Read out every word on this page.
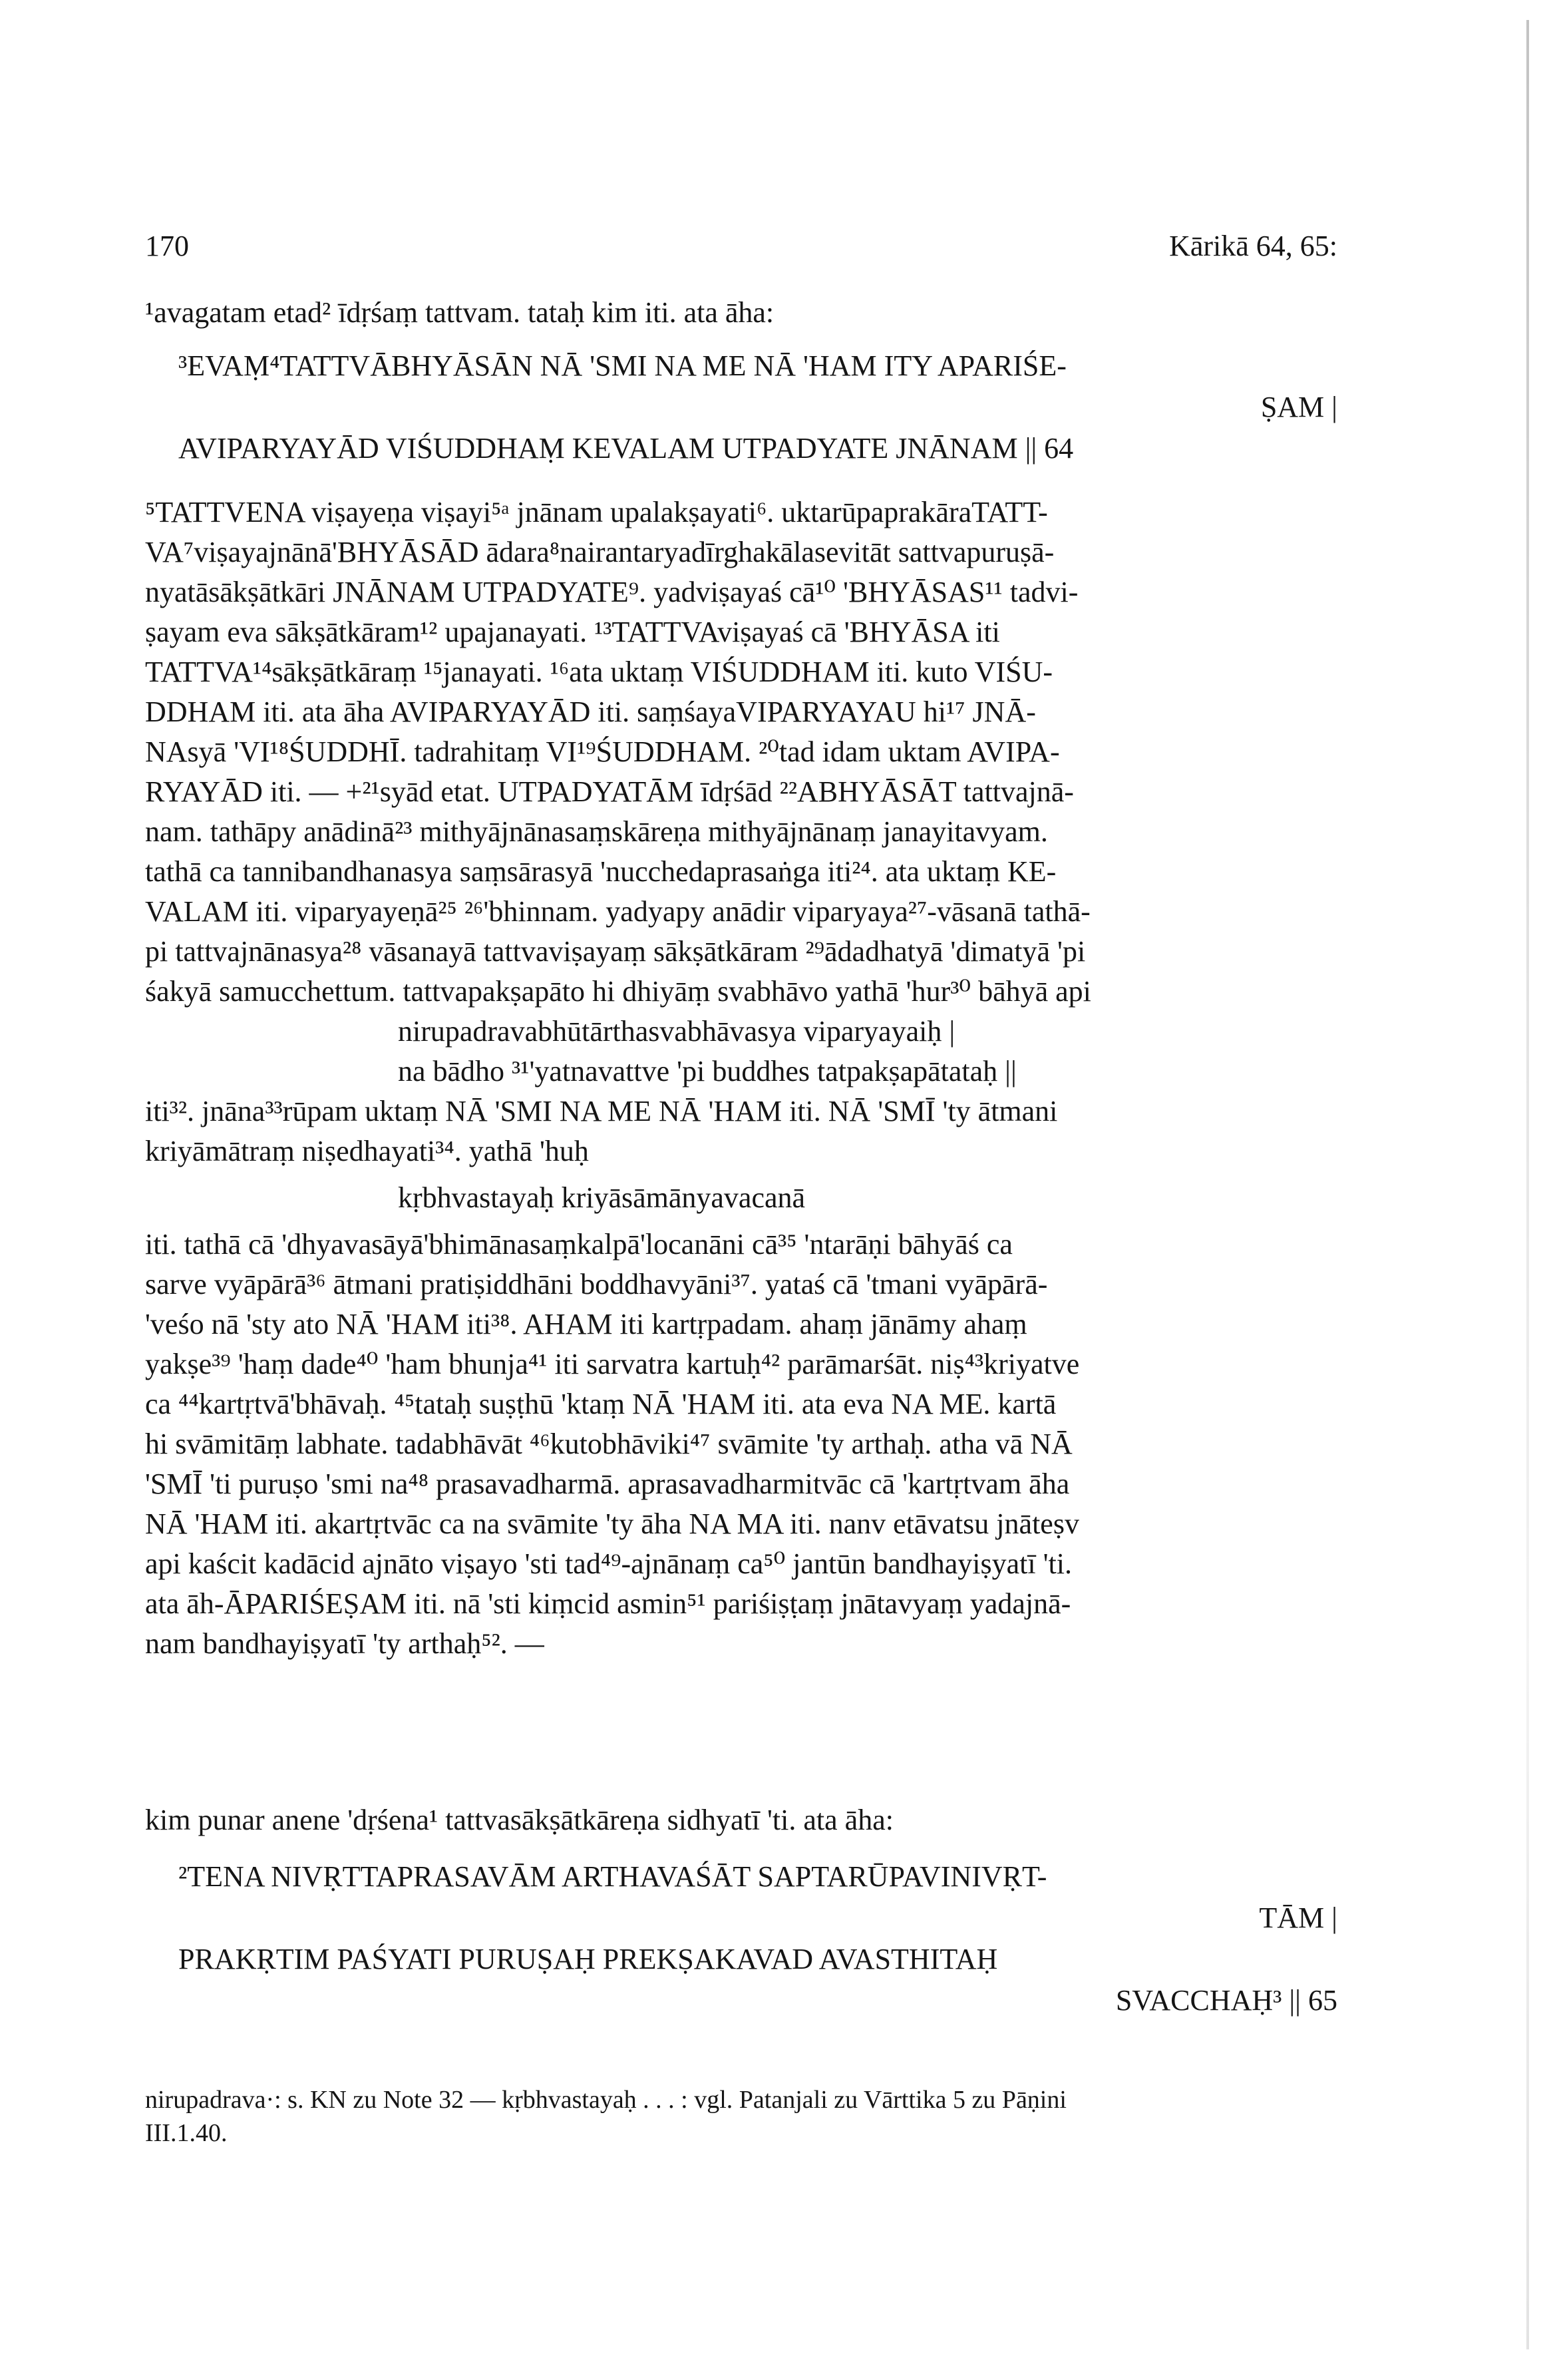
170	Kārikā 64, 65:
¹avagatam etad² īdṛśaṃ tattvam. tataḥ kim iti. ata āha:
³EVAṂ⁴TATTVĀBHYĀSĀN NĀ 'SMI NA ME NĀ 'HAM ITY APARIŚE-
ṢAM |
AVIPARYAYĀD VIŚUDDHAṂ KEVALAM UTPADYATE JNĀNAM || 64
⁵TATTVENA viṣayeṇa viṣayi⁵ᵃ jnānam upalakṣayati⁶. uktarūpaprakāraTATT-
VA⁷viṣayajnānā'BHYĀSĀD ādara⁸nairantaryadīrghakālasevitāt sattvapuruṣā-
nyatāsākṣātkāri JNĀNAM UTPADYATE⁹. yadviṣayaś cā¹⁰ 'BHYĀSAS¹¹ tadvi-
ṣayam eva sākṣātkāram¹² upajanayati. ¹³TATTVAviṣayaś cā 'BHYĀSA iti
TATTVA¹⁴sākṣātkāraṃ ¹⁵janayati. ¹⁶ata uktaṃ VIŚUDDHAM iti. kuto VIŚU-
DDHAM iti. ata āha AVIPARYAYĀD iti. saṃśayaVIPARYAYAU hi¹⁷ JNĀ-
NAsyā 'VI¹⁸ŚUDDHĪ. tadrahitaṃ VI¹⁹ŚUDDHAM. ²⁰tad idam uktam AVIPA-
RYAYĀD iti. — +²¹syād etat. UTPADYATĀM īdṛśād ²²ABHYĀSĀT tattvajnā-
nam. tathāpy anādinā²³ mithyājnānasaṃskāreṇa mithyājnānaṃ janayitavyam.
tathā ca tannibandhanasya saṃsārasyā 'nucchedaprasaṅga iti²⁴. ata uktaṃ KE-
VALAM iti. viparyayeṇā²⁵ ²⁶'bhinnam. yadyapy anādir viparyaya²⁷-vāsanā tathā-
pi tattvajnānasya²⁸ vāsanayā tattvaviṣayaṃ sākṣātkāram ²⁹ādadhatyā 'dimatyā 'pi
śakyā samucchettum. tattvapakṣapāto hi dhiyāṃ svabhāvo yathā 'hur³⁰ bāhyā api
nirupadravabhūtārthasvabhāvasya viparyayaiḥ |
na bādho ³¹'yatnavattve 'pi buddhes tatpakṣapātataḥ ||
iti³². jnāna³³rūpam uktaṃ NĀ 'SMI NA ME NĀ 'HAM iti. NĀ 'SMĪ 'ty ātmani
kriyāmātraṃ niṣedhayati³⁴. yathā 'huḥ
kṛbhvastayaḥ kriyāsāmānyavacanā
iti. tathā cā 'dhyavasāyā'bhimānasaṃkalpā'locanāni cā³⁵ 'ntarāṇi bāhyāś ca
sarve vyāpārā³⁶ ātmani pratiṣiddhāni boddhavyāni³⁷. yataś cā 'tmani vyāpārā-
'veśo nā 'sty ato NĀ 'HAM iti³⁸. AHAM iti kartṛpadam. ahaṃ jānāmy ahaṃ
yakṣe³⁹ 'haṃ dade⁴⁰ 'ham bhunja⁴¹ iti sarvatra kartuḥ⁴² parāmarśāt. niṣ⁴³kriyatve
ca ⁴⁴kartṛtvā'bhāvaḥ. ⁴⁵tataḥ suṣṭhū 'ktaṃ NĀ 'HAM iti. ata eva NA ME. kartā
hi svāmitāṃ labhate. tadabhāvāt ⁴⁶kutobhāviki⁴⁷ svāmite 'ty arthaḥ. atha vā NĀ
'SMĪ 'ti puruṣo 'smi na⁴⁸ prasavadharmā. aprasavadharmitvāc cā 'kartṛtvam āha
NĀ 'HAM iti. akartṛtvāc ca na svāmite 'ty āha NA MA iti. nanv etāvatsu jnāteṣv
api kaścit kadācid ajnāto viṣayo 'sti tad⁴⁹-ajnānaṃ ca⁵⁰ jantūn bandhayiṣyatī 'ti.
ata āh-ĀPARIŚEṢAM iti. nā 'sti kiṃcid asmin⁵¹ pariśiṣṭaṃ jnātavyaṃ yadajnā-
nam bandhayiṣyatī 'ty arthaḥ⁵². —
kim punar anene 'dṛśena¹ tattvasākṣātkāreṇa sidhyatī 'ti. ata āha:
²TENA NIVṚTTAPRASAVĀM ARTHAVAŚĀT SAPTARŪPAVINIVṚT-
TĀM |
PRAKṚTIM PAŚYATI PURUṢAḤ PREKṢAKAVAD AVASTHITAḤ
SVACCHAḤ³ || 65
nirupadrava·: s. KN zu Note 32 — kṛbhvastayaḥ . . . : vgl. Patanjali zu Vārttika 5 zu Pāṇini
III.1.40.
